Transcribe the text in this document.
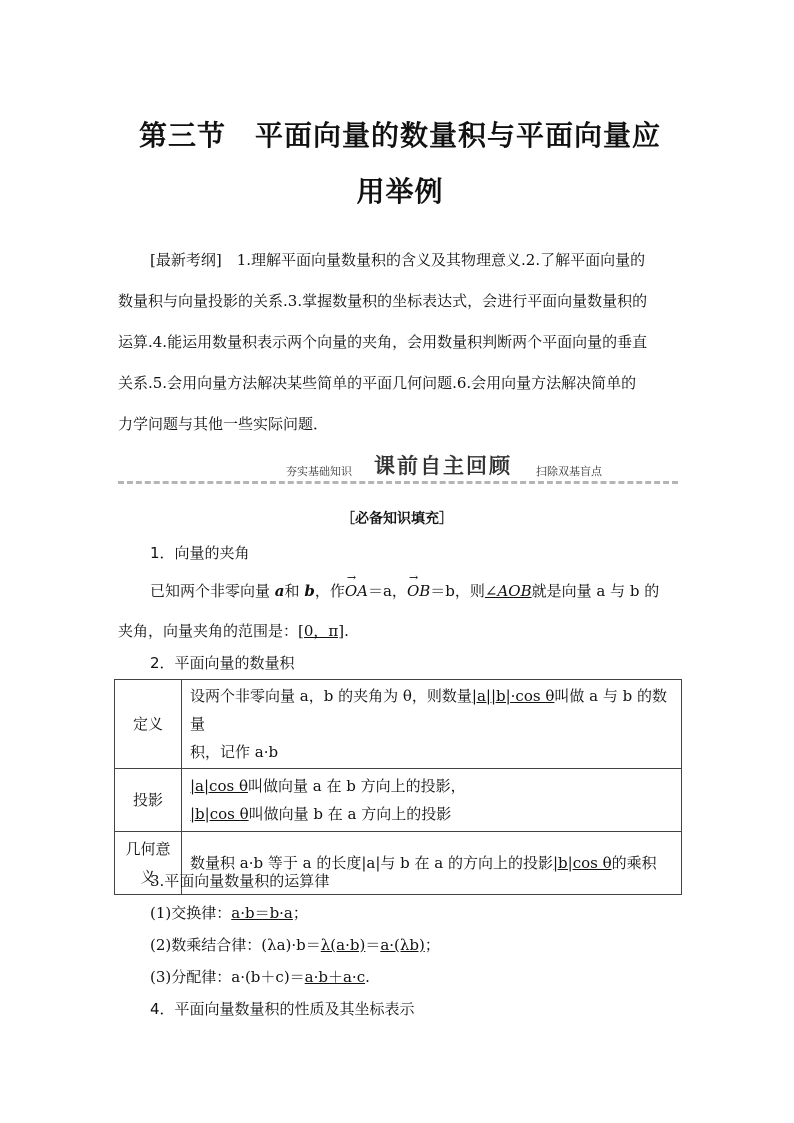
第三节　平面向量的数量积与平面向量应
用举例
[最新考纲]　1.理解平面向量数量积的含义及其物理意义.2.了解平面向量的
数量积与向量投影的关系.3.掌握数量积的坐标表达式，会进行平面向量数量积的
运算.4.能运用数量积表示两个向量的夹角，会用数量积判断两个平面向量的垂直
关系.5.会用向量方法解决某些简单的平面几何问题.6.会用向量方法解决简单的
力学问题与其他一些实际问题．
夯实基础知识 课前自主回顾 扫除双基盲点
［必备知识填充］
1．向量的夹角
已知两个非零向量 a和 b，作→ OA＝a，→ OB＝b，则∠AOB就是向量 a 与 b 的
夹角，向量夹角的范围是：[0，π].
2．平面向量的数量积
定义	设两个非零向量 a，b 的夹角为 θ，则数量|a||b|·cos θ叫做 a 与 b 的数量
积，记作 a·b

投影	|a|cos θ叫做向量 a 在 b 方向上的投影，
|b|cos θ叫做向量 b 在 a 方向上的投影

几何意义	数量积 a·b 等于 a 的长度|a|与 b 在 a 的方向上的投影|b|cos θ的乘积
3.平面向量数量积的运算律
(1)交换律：a·b＝b·a；
(2)数乘结合律：(λa)·b＝λ(a·b)＝a·(λb)；
(3)分配律：a·(b＋c)＝a·b＋a·c.
4．平面向量数量积的性质及其坐标表示
